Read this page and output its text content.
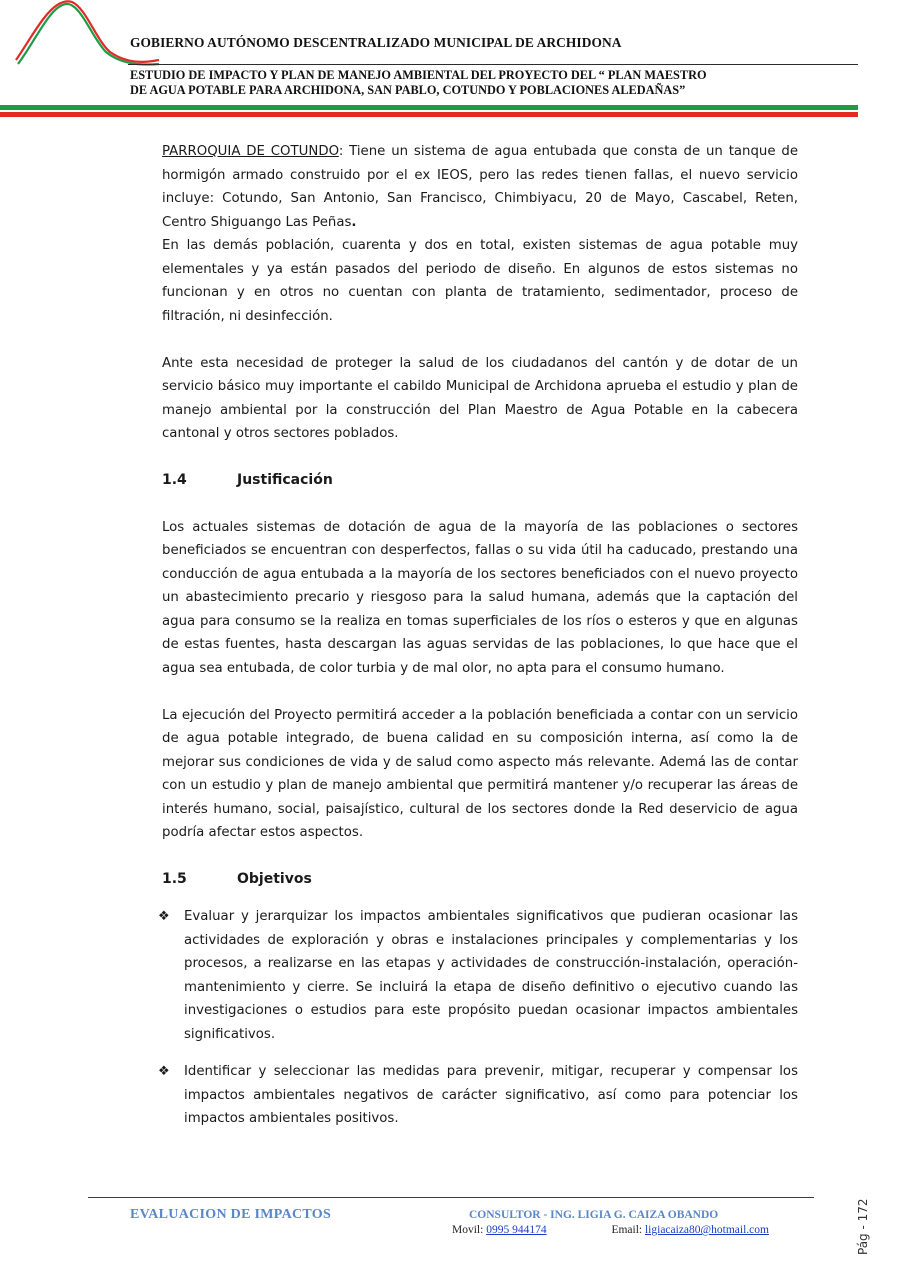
GOBIERNO AUTÓNOMO DESCENTRALIZADO MUNICIPAL DE ARCHIDONA
ESTUDIO DE IMPACTO Y PLAN DE MANEJO AMBIENTAL DEL PROYECTO DEL “ PLAN MAESTRO
DE AGUA POTABLE PARA ARCHIDONA, SAN PABLO, COTUNDO Y POBLACIONES ALEDAÑAS”

PARROQUIA DE COTUNDO: Tiene un sistema de agua entubada que consta de un tanque de hormigón armado construido por el ex IEOS, pero las redes tienen fallas, el nuevo servicio incluye: Cotundo, San Antonio, San Francisco, Chimbiyacu, 20 de Mayo, Cascabel, Reten, Centro Shiguango Las Peñas.

En las demás población, cuarenta y dos en total, existen sistemas de agua potable muy elementales y ya están pasados del periodo de diseño. En algunos de estos sistemas no funcionan y en otros no cuentan con planta de tratamiento, sedimentador, proceso de filtración, ni desinfección.

Ante esta necesidad de proteger la salud de los ciudadanos del cantón y de dotar de un servicio básico muy importante el cabildo Municipal de Archidona aprueba el estudio y plan de manejo ambiental por la construcción del Plan Maestro de Agua Potable en la cabecera cantonal y otros sectores poblados.

1.4	Justificación

Los actuales sistemas de dotación de agua de la mayoría de las poblaciones o sectores beneficiados se encuentran con desperfectos, fallas o su vida útil ha caducado, prestando una conducción de agua entubada a la mayoría de los sectores beneficiados con el nuevo proyecto un abastecimiento precario y riesgoso para la salud humana, además que la captación del agua para consumo se la realiza en tomas superficiales de los ríos o esteros y que en algunas de estas fuentes, hasta descargan las aguas servidas de las poblaciones, lo que hace que el agua sea entubada, de color turbia y de mal olor, no apta para el consumo humano.

La ejecución del Proyecto permitirá acceder a la población beneficiada a contar con un servicio de agua potable integrado, de buena calidad en su composición interna, así como la de mejorar sus condiciones de vida y de salud como aspecto más relevante. Ademá las de contar con un estudio y plan de manejo ambiental que permitirá mantener y/o recuperar las áreas de interés humano, social, paisajístico, cultural de los sectores donde la Red deservicio de agua podría afectar estos aspectos.

1.5	Objetivos
❖ Evaluar y jerarquizar los impactos ambientales significativos que pudieran ocasionar las actividades de exploración y obras e instalaciones principales y complementarias y los procesos, a realizarse en las etapas y actividades de construcción-instalación, operación-mantenimiento y cierre. Se incluirá la etapa de diseño definitivo o ejecutivo cuando las investigaciones o estudios para este propósito puedan ocasionar impactos ambientales significativos.
❖ Identificar y seleccionar las medidas para prevenir, mitigar, recuperar y compensar los impactos ambientales negativos de carácter significativo, así como para potenciar los impactos ambientales positivos.
EVALUACION DE IMPACTOS	CONSULTOR - ING. LIGIA G. CAIZA OBANDO
Movil: 0995 944174	Email: ligiacaiza80@hotmail.com	Pág - 172
